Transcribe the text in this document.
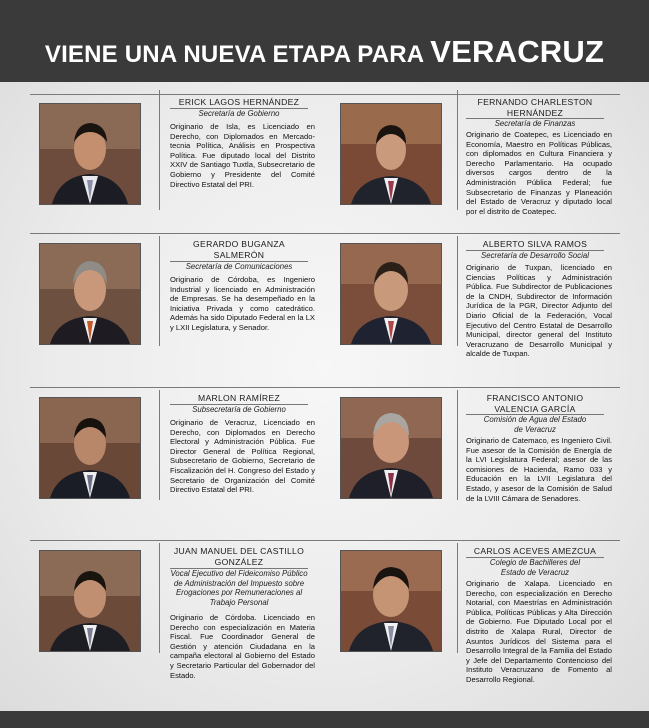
VIENE UNA NUEVA ETAPA PARA VERACRUZ
ERICK LAGOS HERNÁNDEZ
Secretaría de Gobierno
Originario de Isla, es Licenciado en Derecho, con Diplomados en Mercado-tecnia Política, Análisis en Prospectiva Política. Fue diputado local del Distrito XXIV de Santiago Tuxtla, Subsecretario de Gobierno y Presidente del Comité Directivo Estatal del PRI.
FERNANDO CHARLESTON HERNÁNDEZ
Secretaría de Finanzas
Originario de Coatepec, es Licenciado en Economía, Maestro en Políticas Públicas, con diplomados en Cultura Financiera y Derecho Parlamentario. Ha ocupado diversos cargos dentro de la Administración Pública Federal; fue Subsecretario de Finanzas y Planeación del Estado de Veracruz y diputado local por el distrito de Coatepec.
GERARDO BUGANZA SALMERÓN
Secretaría de Comunicaciones
Originario de Córdoba, es Ingeniero Industrial y licenciado en Administración de Empresas. Se ha desempeñado en la Iniciativa Privada y como catedrático. Además ha sido Diputado Federal en la LX y LXII Legislatura, y Senador.
ALBERTO SILVA RAMOS
Secretaría de Desarrollo Social
Originario de Tuxpan, licenciado en Ciencias Políticas y Administración Pública. Fue Subdirector de Publicaciones de la CNDH, Subdirector de Información Jurídica de la PGR, Director Adjunto del Diario Oficial de la Federación, Vocal Ejecutivo del Centro Estatal de Desarrollo Municipal, director general del Instituto Veracruzano de Desarrollo Municipal y alcalde de Tuxpan.
MARLON RAMÍREZ
Subsecretaría de Gobierno
Originario de Veracruz, Licenciado en Derecho, con Diplomados en Derecho Electoral y Administración Pública. Fue Director General de Política Regional, Subsecretario de Gobierno, Secretario de Fiscalización del H. Congreso del Estado y Secretario de Organización del Comité Directivo Estatal del PRI.
FRANCISCO ANTONIO VALENCIA GARCÍA
Comisión de Agua del Estado de Veracruz
Originario de Catemaco, es Ingeniero Civil. Fue asesor de la Comisión de Energía de la LVI Legislatura Federal; asesor de las comisiones de Hacienda, Ramo 033 y Educación en la LVII Legislatura del Estado, y asesor de la Comisión de Salud de la LVIII Cámara de Senadores.
JUAN MANUEL DEL CASTILLO GONZÁLEZ
Vocal Ejecutivo del Fideicomiso Público de Administración del Impuesto sobre Erogaciones por Remuneraciones al Trabajo Personal
Originario de Córdoba. Licenciado en Derecho con especialización en Materia Fiscal. Fue Coordinador General de Gestión y atención Ciudadana en la campaña electoral al Gobierno del Estado y Secretario Particular del Gobernador del Estado.
CARLOS ACEVES AMEZCUA
Colegio de Bachilleres del Estado de Veracruz
Originario de Xalapa. Licenciado en Derecho, con especialización en Derecho Notarial, con Maestrías en Administración Pública, Políticas Públicas y Alta Dirección de Gobierno. Fue Diputado Local por el distrito de Xalapa Rural, Director de Asuntos Jurídicos del Sistema para el Desarrollo Integral de la Familia del Estado y Jefe del Departamento Contencioso del Instituto Veracruzano de Fomento al Desarrollo Regional.
